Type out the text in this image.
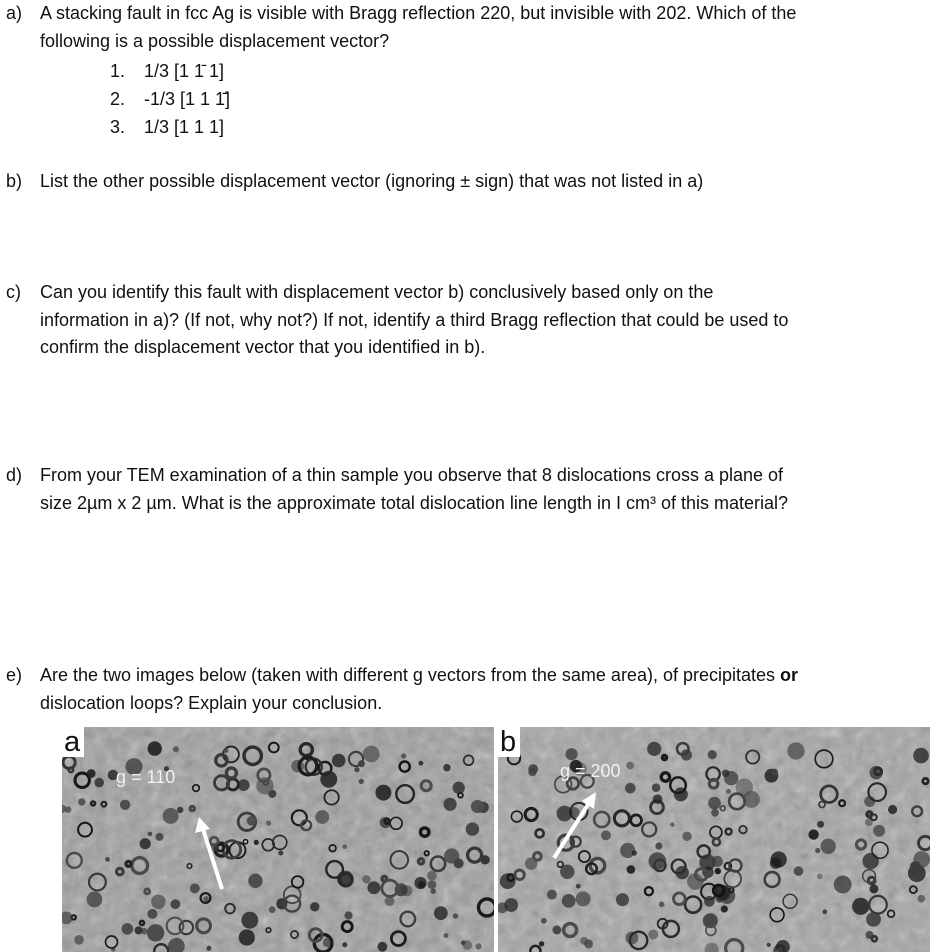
a) A stacking fault in fcc Ag is visible with Bragg reflection 220, but invisible with 202. Which of the
following is a possible displacement vector?
1.	1/3 [1 1̄ 1]
2.	-1/3 [1 1 1̄]
3.	1/3 [1 1 1]
b) List the other possible displacement vector (ignoring ± sign) that was not listed in a)
c) Can you identify this fault with displacement vector b) conclusively based only on the
information in a)? (If not, why not?) If not, identify a third Bragg reflection that could be used to
confirm the displacement vector that you identified in b).
d) From your TEM examination of a thin sample you observe that 8 dislocations cross a plane of
size 2µm x 2 µm. What is the approximate total dislocation line length in I cm³ of this material?
e) Are the two images below (taken with different g vectors from the same area), of precipitates or
dislocation loops? Explain your conclusion.
a
g = 110
b
g = 200
